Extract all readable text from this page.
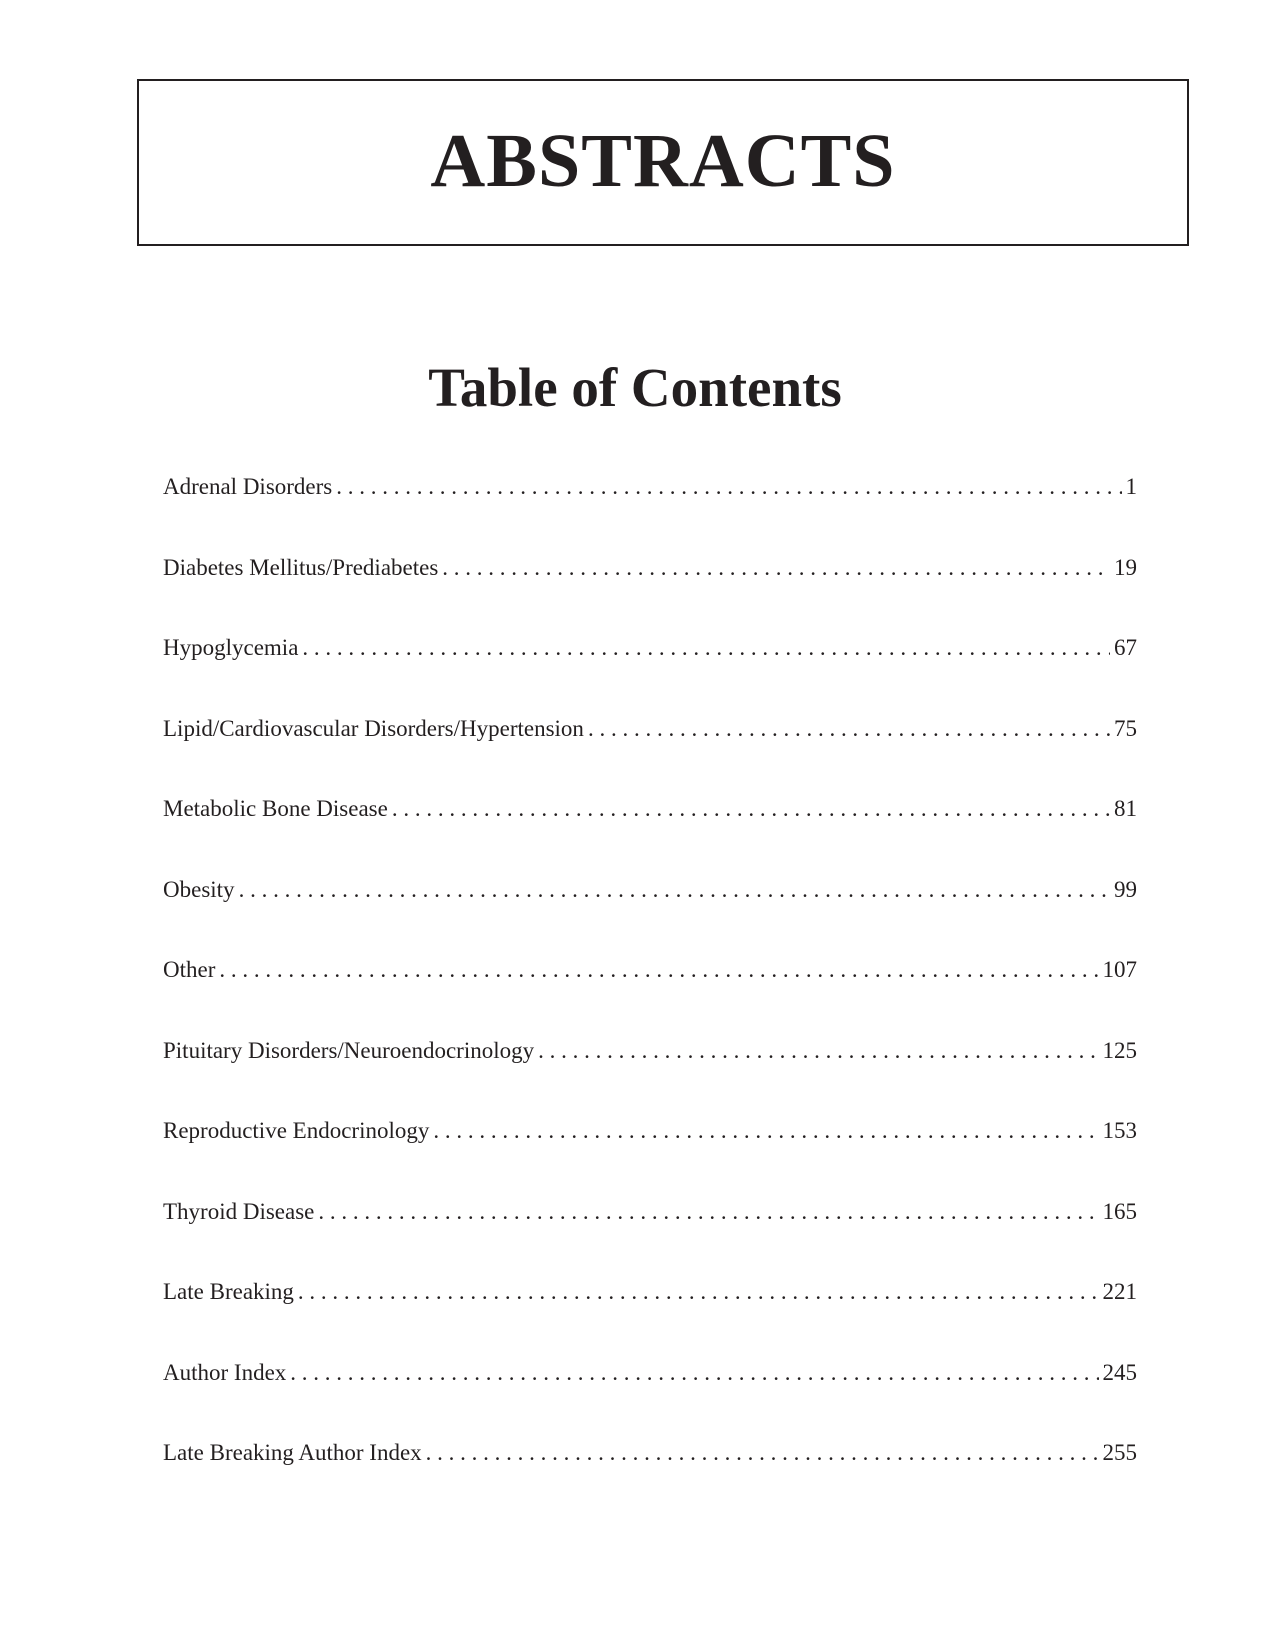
ABSTRACTS
Table of Contents
Adrenal Disorders . . .	1
Diabetes Mellitus/Prediabetes . . .	19
Hypoglycemia . . .	67
Lipid/Cardiovascular Disorders/Hypertension . . .	75
Metabolic Bone Disease . . .	81
Obesity . . .	99
Other . . .	107
Pituitary Disorders/Neuroendocrinology . . .	125
Reproductive Endocrinology . . .	153
Thyroid Disease . . .	165
Late Breaking . . .	221
Author Index . . .	245
Late Breaking Author Index . . .	255
